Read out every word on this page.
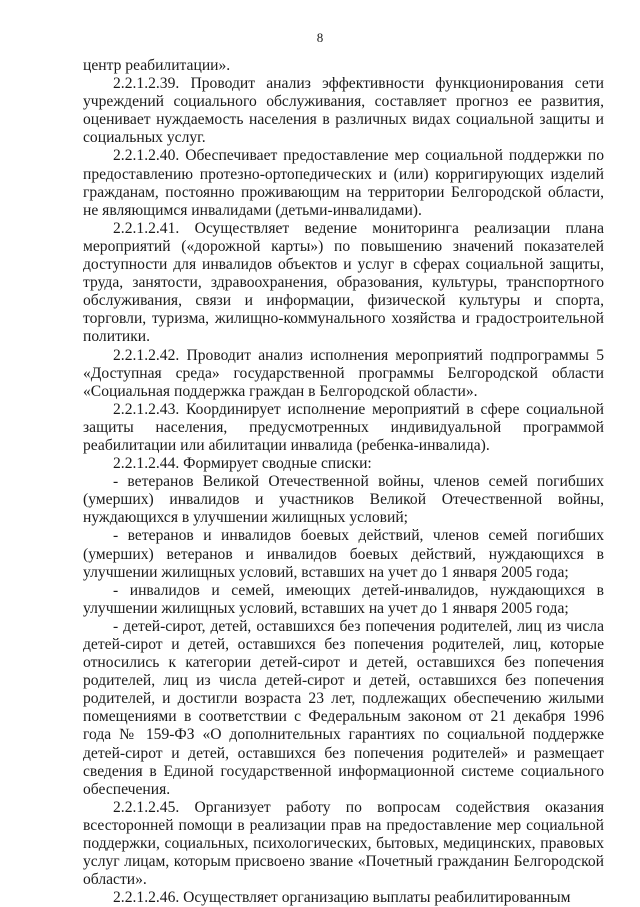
8

центр реабилитации».

2.2.1.2.39. Проводит анализ эффективности функционирования сети учреждений социального обслуживания, составляет прогноз ее развития, оценивает нуждаемость населения в различных видах социальной защиты и социальных услуг.

2.2.1.2.40. Обеспечивает предоставление мер социальной поддержки по предоставлению протезно-ортопедических и (или) корригирующих изделий гражданам, постоянно проживающим на территории Белгородской области, не являющимся инвалидами (детьми-инвалидами).

2.2.1.2.41. Осуществляет ведение мониторинга реализации плана мероприятий («дорожной карты») по повышению значений показателей доступности для инвалидов объектов и услуг в сферах социальной защиты, труда, занятости, здравоохранения, образования, культуры, транспортного обслуживания, связи и информации, физической культуры и спорта, торговли, туризма, жилищно-коммунального хозяйства и градостроительной политики.

2.2.1.2.42. Проводит анализ исполнения мероприятий подпрограммы 5 «Доступная среда» государственной программы Белгородской области «Социальная поддержка граждан в Белгородской области».

2.2.1.2.43. Координирует исполнение мероприятий в сфере социальной защиты населения, предусмотренных индивидуальной программой реабилитации или абилитации инвалида (ребенка-инвалида).

2.2.1.2.44. Формирует сводные списки:

- ветеранов Великой Отечественной войны, членов семей погибших (умерших) инвалидов и участников Великой Отечественной войны, нуждающихся в улучшении жилищных условий;

- ветеранов и инвалидов боевых действий, членов семей погибших (умерших) ветеранов и инвалидов боевых действий, нуждающихся в улучшении жилищных условий, вставших на учет до 1 января 2005 года;

- инвалидов и семей, имеющих детей-инвалидов, нуждающихся в улучшении жилищных условий, вставших на учет до 1 января 2005 года;

- детей-сирот, детей, оставшихся без попечения родителей, лиц из числа детей-сирот и детей, оставшихся без попечения родителей, лиц, которые относились к категории детей-сирот и детей, оставшихся без попечения родителей, лиц из числа детей-сирот и детей, оставшихся без попечения родителей, и достигли возраста 23 лет, подлежащих обеспечению жилыми помещениями в соответствии с Федеральным законом от 21 декабря 1996 года № 159-ФЗ «О дополнительных гарантиях по социальной поддержке детей-сирот и детей, оставшихся без попечения родителей» и размещает сведения в Единой государственной информационной системе социального обеспечения.

2.2.1.2.45. Организует работу по вопросам содействия оказания всесторонней помощи в реализации прав на предоставление мер социальной поддержки, социальных, психологических, бытовых, медицинских, правовых услуг лицам, которым присвоено звание «Почетный гражданин Белгородской области».

2.2.1.2.46. Осуществляет организацию выплаты реабилитированным
